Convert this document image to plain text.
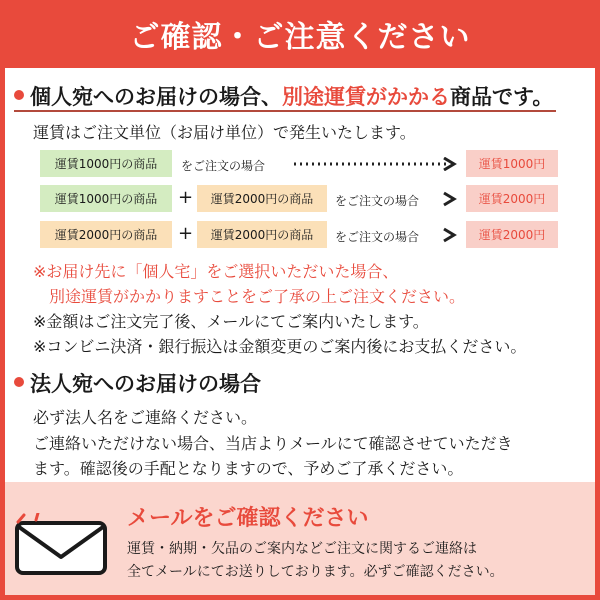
ご確認・ご注意ください
個人宛へのお届けの場合、別途運賃がかかる商品です。
運賃はご注文単位（お届け単位）で発生いたします。
運賃1000円の商品	をご注文の場合	運賃1000円
運賃1000円の商品	+	運賃2000円の商品	をご注文の場合	運賃2000円
運賃2000円の商品	+	運賃2000円の商品	をご注文の場合	運賃2000円
※お届け先に「個人宅」をご選択いただいた場合、
　別途運賃がかかりますことをご了承の上ご注文ください。
※金額はご注文完了後、メールにてご案内いたします。
※コンビニ決済・銀行振込は金額変更のご案内後にお支払ください。
法人宛へのお届けの場合
必ず法人名をご連絡ください。
ご連絡いただけない場合、当店よりメールにて確認させていただき
ます。確認後の手配となりますので、予めご了承ください。
メールをご確認ください
運賃・納期・欠品のご案内などご注文に関するご連絡は
全てメールにてお送りしております。必ずご確認ください。
